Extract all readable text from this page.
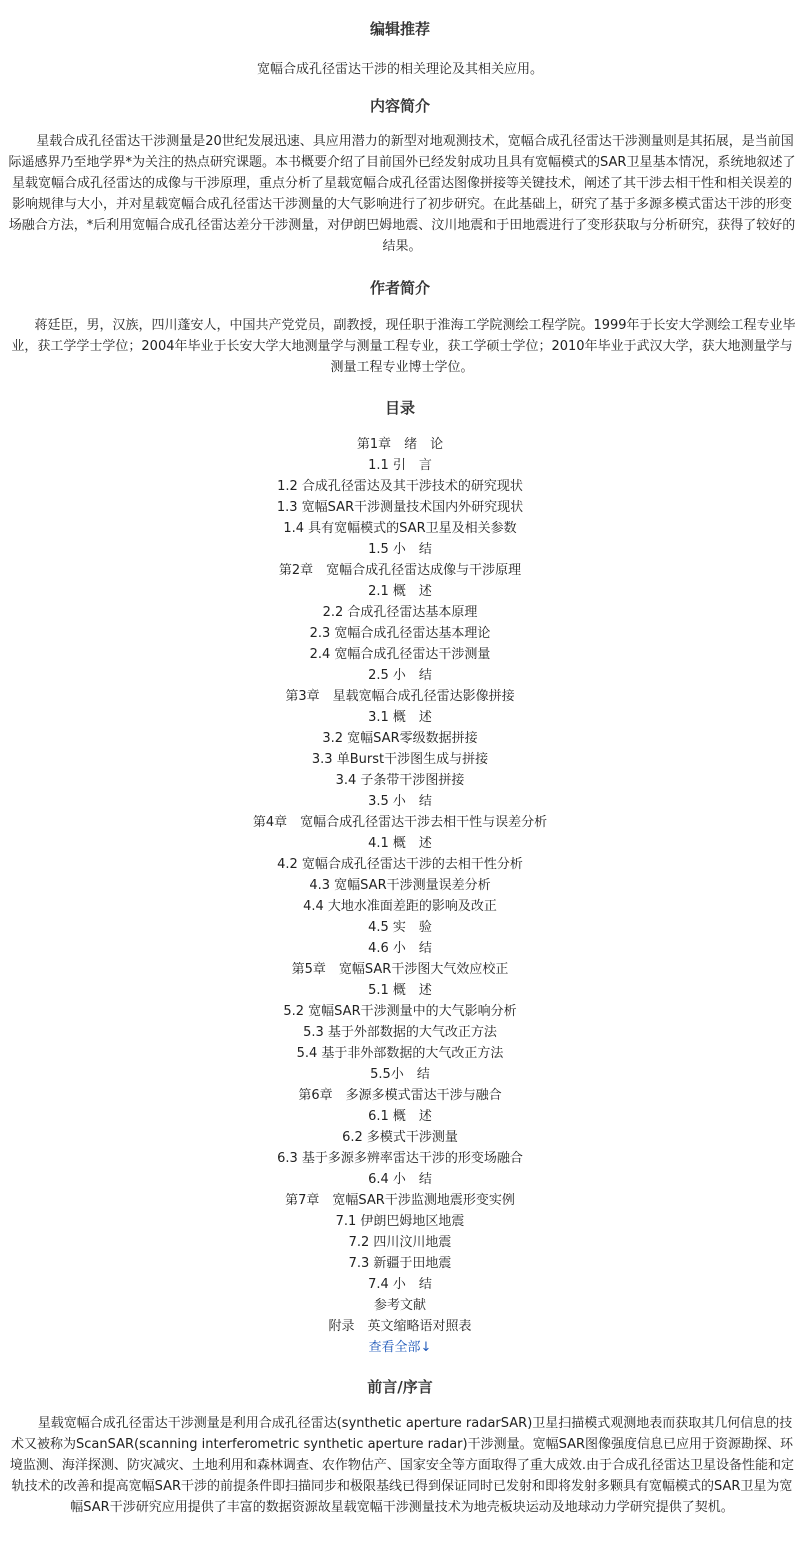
编辑推荐
宽幅合成孔径雷达干涉的相关理论及其相关应用。
内容简介

　　星载合成孔径雷达干涉测量是20世纪发展迅速、具应用潜力的新型对地观测技术，宽幅合成孔径雷达干涉测量则是其拓展，是当前国际遥感界乃至地学界*为关注的热点研究课题。本书概要介绍了目前国外已经发射成功且具有宽幅模式的SAR卫星基本情况，系统地叙述了星载宽幅合成孔径雷达的成像与干涉原理，重点分析了星载宽幅合成孔径雷达图像拼接等关键技术，阐述了其干涉去相干性和相关误差的影响规律与大小，并对星载宽幅合成孔径雷达干涉测量的大气影响进行了初步研究。在此基础上，研究了基于多源多模式雷达干涉的形变场融合方法，*后利用宽幅合成孔径雷达差分干涉测量，对伊朗巴姆地震、汶川地震和于田地震进行了变形获取与分析研究，获得了较好的结果。

作者简介

　　蒋廷臣，男，汉族，四川蓬安人，中国共产党党员，副教授，现任职于淮海工学院测绘工程学院。1999年于长安大学测绘工程专业毕业，获工学学士学位；2004年毕业于长安大学大地测量学与测量工程专业，获工学硕士学位；2010年毕业于武汉大学，获大地测量学与测量工程专业博士学位。

目录
第1章　绪　论
1.1 引　言
1.2 合成孔径雷达及其干涉技术的研究现状
1.3 宽幅SAR干涉测量技术国内外研究现状
1.4 具有宽幅模式的SAR卫星及相关参数
1.5 小　结
第2章　宽幅合成孔径雷达成像与干涉原理
2.1 概　述
2.2 合成孔径雷达基本原理
2.3 宽幅合成孔径雷达基本理论
2.4 宽幅合成孔径雷达干涉测量
2.5 小　结
第3章　星载宽幅合成孔径雷达影像拼接
3.1 概　述
3.2 宽幅SAR零级数据拼接
3.3 单Burst干涉图生成与拼接
3.4 子条带干涉图拼接
3.5 小　结
第4章　宽幅合成孔径雷达干涉去相干性与误差分析
4.1 概　述
4.2 宽幅合成孔径雷达干涉的去相干性分析
4.3 宽幅SAR干涉测量误差分析
4.4 大地水准面差距的影响及改正
4.5 实　验
4.6 小　结
第5章　宽幅SAR干涉图大气效应校正
5.1 概　述
5.2 宽幅SAR干涉测量中的大气影响分析
5.3 基于外部数据的大气改正方法
5.4 基于非外部数据的大气改正方法
5.5小　结
第6章　多源多模式雷达干涉与融合
6.1 概　述
6.2 多模式干涉测量
6.3 基于多源多辨率雷达干涉的形变场融合
6.4 小　结
第7章　宽幅SAR干涉监测地震形变实例
7.1 伊朗巴姆地区地震
7.2 四川汶川地震
7.3 新疆于田地震
7.4 小　结
参考文献
附录　英文缩略语对照表
查看全部↓
前言/序言

　　星载宽幅合成孔径雷达干涉测量是利用合成孔径雷达(synthetic aperture radarSAR)卫星扫描模式观测地表而获取其几何信息的技术又被称为ScanSAR(scanning interferometric synthetic aperture radar)干涉测量。宽幅SAR图像强度信息已应用于资源勘探、环境监测、海洋探测、防灾减灾、土地利用和森林调查、农作物估产、国家安全等方面取得了重大成效.由于合成孔径雷达卫星设备性能和定轨技术的改善和提高宽幅SAR干涉的前提条件即扫描同步和极限基线已得到保证同时已发射和即将发射多颗具有宽幅模式的SAR卫星为宽幅SAR干涉研究应用提供了丰富的数据资源故星载宽幅干涉测量技术为地壳板块运动及地球动力学研究提供了契机。
